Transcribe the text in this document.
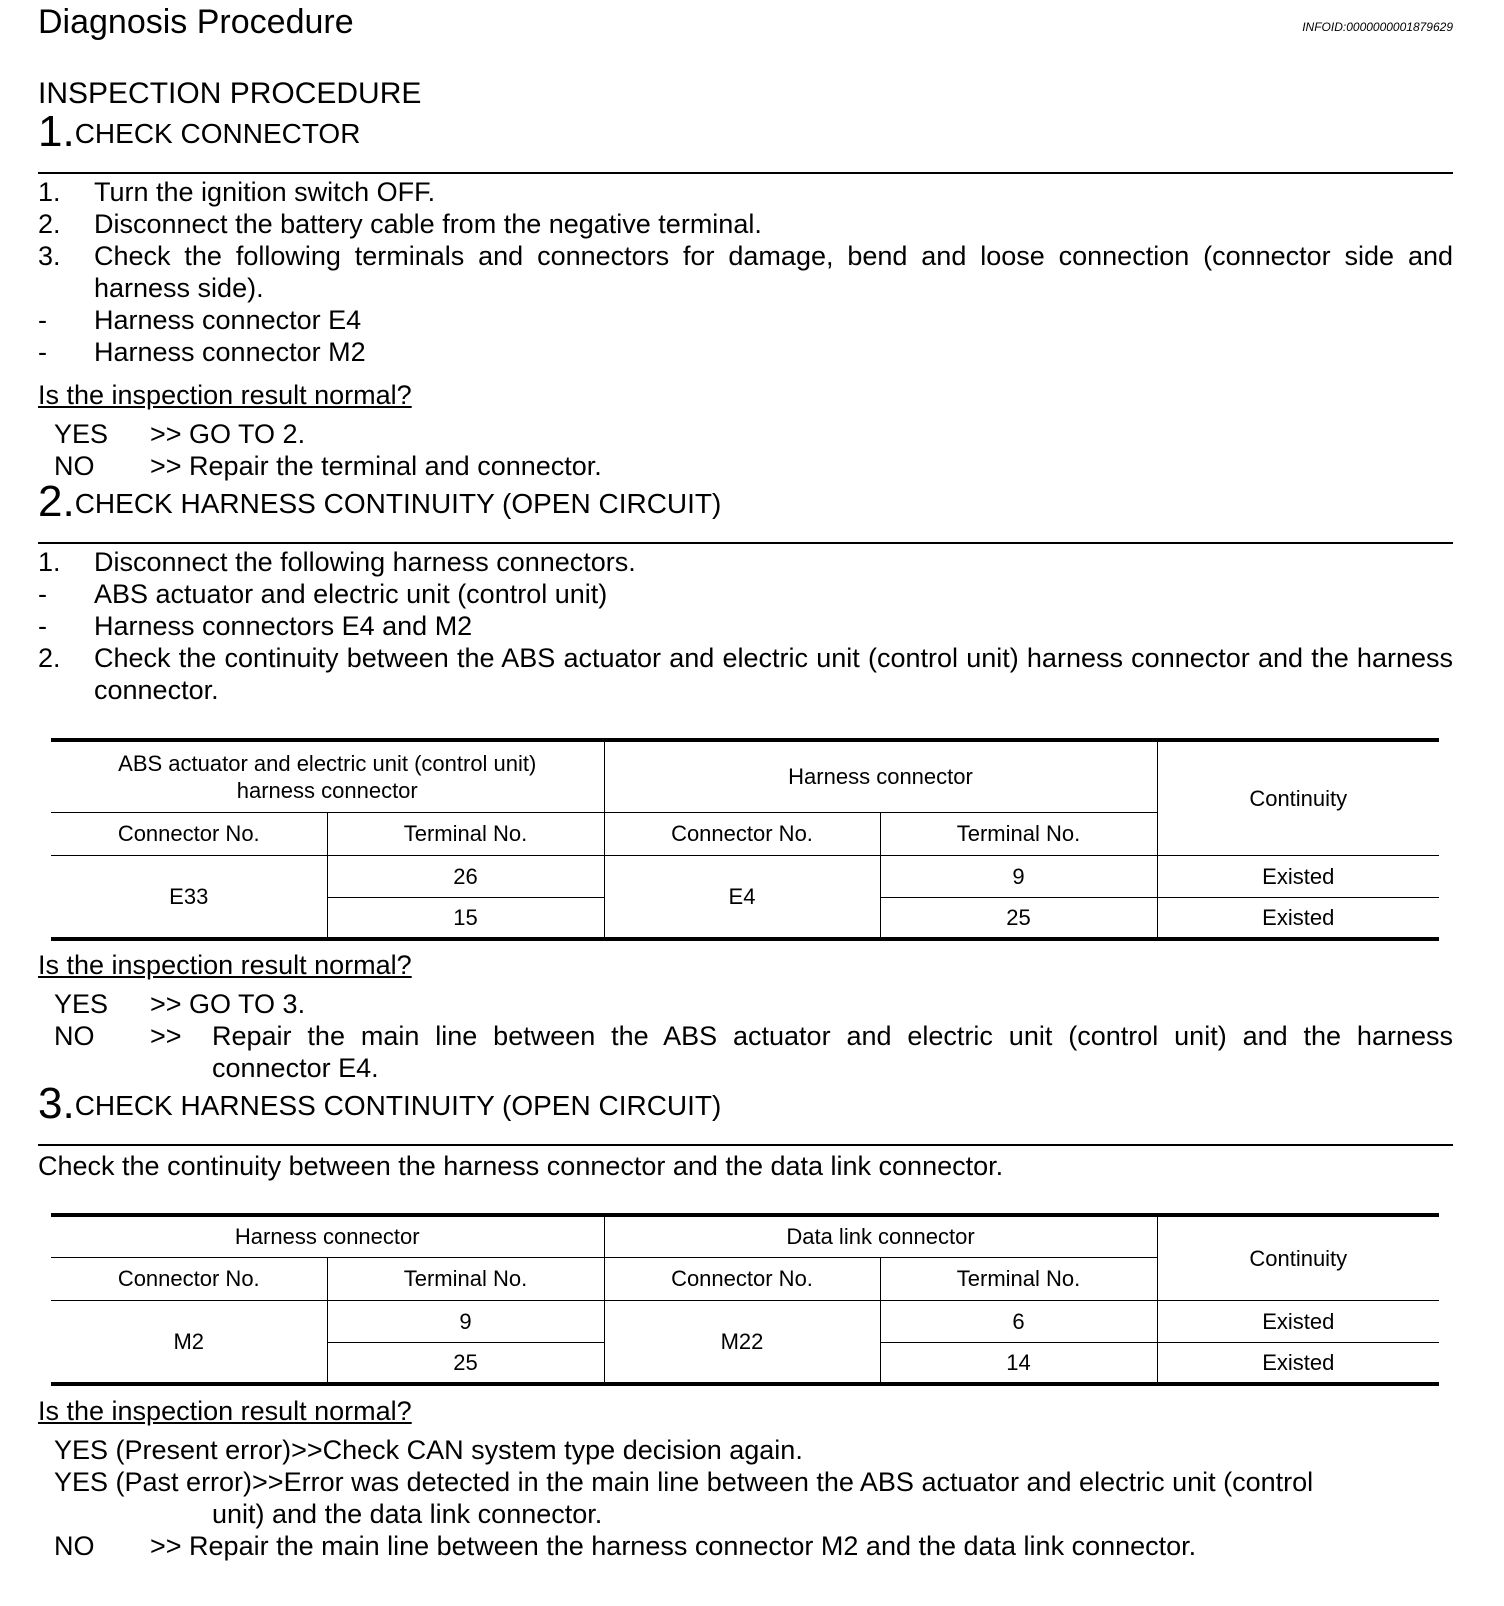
Diagnosis Procedure	INFOID:0000000001879629
INSPECTION PROCEDURE
1.CHECK CONNECTOR
1. Turn the ignition switch OFF.
2. Disconnect the battery cable from the negative terminal.
3. Check the following terminals and connectors for damage, bend and loose connection (connector side and harness side).
- Harness connector E4
- Harness connector M2
Is the inspection result normal?
YES >> GO TO 2.
NO >> Repair the terminal and connector.
2.CHECK HARNESS CONTINUITY (OPEN CIRCUIT)
1. Disconnect the following harness connectors.
- ABS actuator and electric unit (control unit)
- Harness connectors E4 and M2
2. Check the continuity between the ABS actuator and electric unit (control unit) harness connector and the harness connector.
ABS actuator and electric unit (control unit) harness connector		Harness connector		Continuity
Connector No.	Terminal No.	Connector No.	Terminal No.	
E33	26	E4	9	Existed
	15		25	Existed
Is the inspection result normal?
YES >> GO TO 3.
NO >> Repair the main line between the ABS actuator and electric unit (control unit) and the harness connector E4.
3.CHECK HARNESS CONTINUITY (OPEN CIRCUIT)
Check the continuity between the harness connector and the data link connector.
Harness connector		Data link connector		Continuity
Connector No.	Terminal No.	Connector No.	Terminal No.	
M2	9	M22	6	Existed
	25		14	Existed
Is the inspection result normal?
YES (Present error)>>Check CAN system type decision again.
YES (Past error)>>Error was detected in the main line between the ABS actuator and electric unit (control
unit) and the data link connector.
NO >> Repair the main line between the harness connector M2 and the data link connector.
